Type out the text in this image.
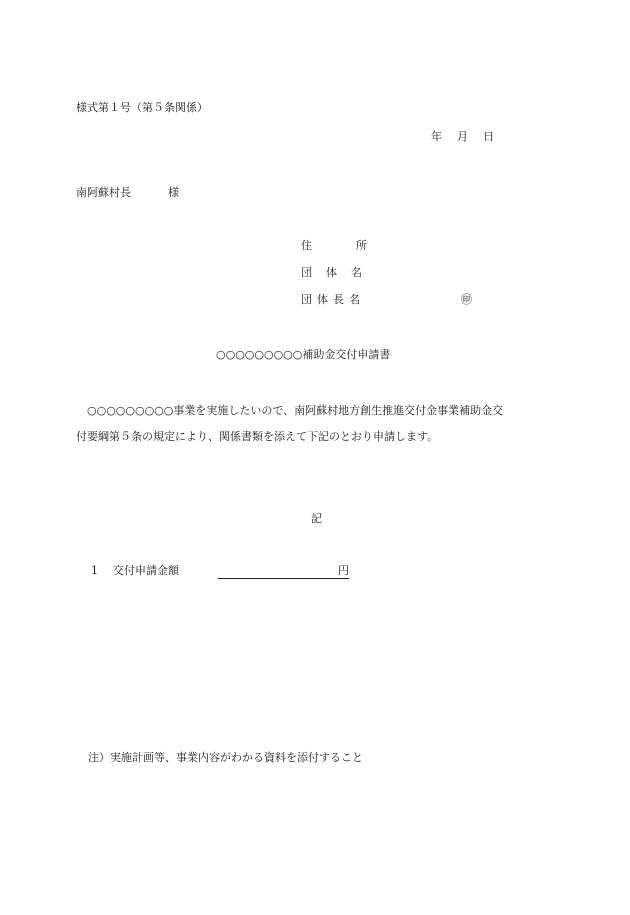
様式第１号（第５条関係）
年 月 日
南阿蘇村長	様
住	所
団 体 名
団 体 長 名	㊞
○○○○○○○○○補助金交付申請書
○○○○○○○○○事業を実施したいので、南阿蘇村地方創生推進交付金事業補助金交
付要綱第５条の規定により、関係書類を添えて下記のとおり申請します。
記
1 交付申請金額	円
注）実施計画等、事業内容がわかる資料を添付すること
